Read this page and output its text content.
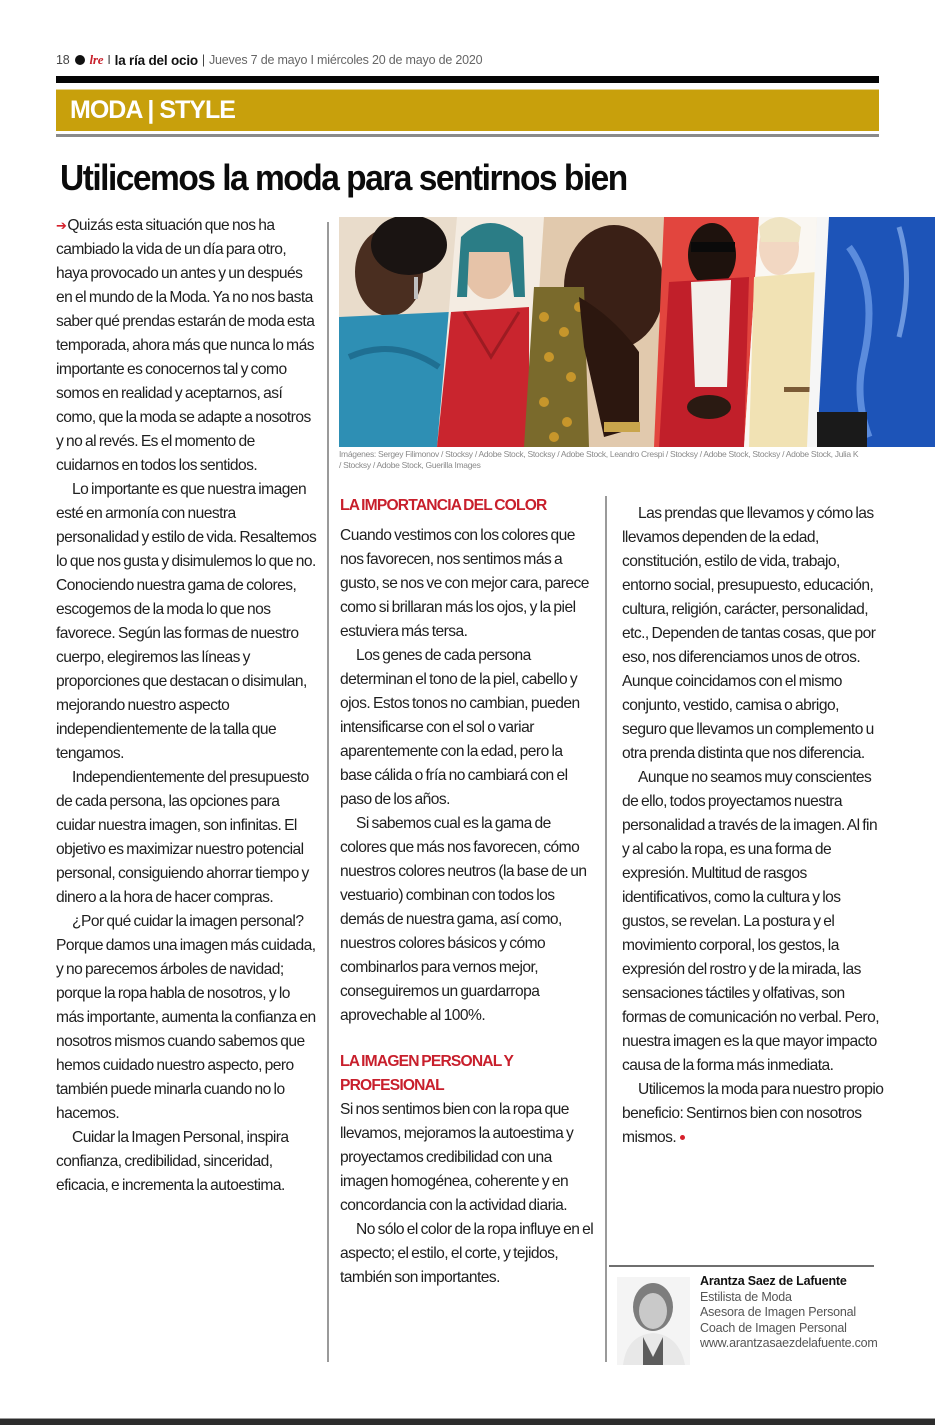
18 lre I la ría del ocio | Jueves 7 de mayo I miércoles 20 de mayo de 2020
MODA | STYLE
Utilicemos la moda para sentirnos bien
Imágenes: Sergey Filimonov / Stocksy / Adobe Stock, Stocksy / Adobe Stock, Leandro Crespi / Stocksy / Adobe Stock, Stocksy / Adobe Stock, Julia K / Stocksy / Adobe Stock, Guerilla Images

➔Quizás esta situación que nos ha cambiado la vida de un día para otro, haya provocado un antes y un después en el mundo de la Moda. Ya no nos basta saber qué prendas estarán de moda esta temporada, ahora más que nunca lo más importante es conocernos tal y como somos en realidad y aceptarnos, así como, que la moda se adapte a nosotros y no al revés. Es el momento de cuidarnos en todos los sentidos.

Lo importante es que nuestra imagen esté en armonía con nuestra personalidad y estilo de vida. Resaltemos lo que nos gusta y disimulemos lo que no. Conociendo nuestra gama de colores, escogemos de la moda lo que nos favorece. Según las formas de nuestro cuerpo, elegiremos las líneas y proporciones que destacan o disimulan, mejorando nuestro aspecto independientemente de la talla que tengamos.

Independientemente del presupuesto de cada persona, las opciones para cuidar nuestra imagen, son infinitas. El objetivo es maximizar nuestro potencial personal, consiguiendo ahorrar tiempo y dinero a la hora de hacer compras.

¿Por qué cuidar la imagen personal? Porque damos una imagen más cuidada, y no parecemos árboles de navidad; porque la ropa habla de nosotros, y lo más importante, aumenta la confianza en nosotros mismos cuando sabemos que hemos cuidado nuestro aspecto, pero también puede minarla cuando no lo hacemos.

Cuidar la Imagen Personal, inspira confianza, credibilidad, sinceridad, eficacia, e incrementa la autoestima.

LA IMPORTANCIA DEL COLOR

Cuando vestimos con los colores que nos favorecen, nos sentimos más a gusto, se nos ve con mejor cara, parece como si brillaran más los ojos, y la piel estuviera más tersa.

Los genes de cada persona determinan el tono de la piel, cabello y ojos. Estos tonos no cambian, pueden intensificarse con el sol o variar aparentemente con la edad, pero la base cálida o fría no cambiará con el paso de los años.

Si sabemos cual es la gama de colores que más nos favorecen, cómo nuestros colores neutros (la base de un vestuario) combinan con todos los demás de nuestra gama, así como, nuestros colores básicos y cómo combinarlos para vernos mejor, conseguiremos un guardarropa aprovechable al 100%.

LA IMAGEN PERSONAL Y PROFESIONAL

Si nos sentimos bien con la ropa que llevamos, mejoramos la autoestima y proyectamos credibilidad con una imagen homogénea, coherente y en concordancia con la actividad diaria.

No sólo el color de la ropa influye en el aspecto; el estilo, el corte, y tejidos, también son importantes.

Las prendas que llevamos y cómo las llevamos dependen de la edad, constitución, estilo de vida, trabajo, entorno social, presupuesto, educación, cultura, religión, carácter, personalidad, etc., Dependen de tantas cosas, que por eso, nos diferenciamos unos de otros. Aunque coincidamos con el mismo conjunto, vestido, camisa o abrigo, seguro que llevamos un complemento u otra prenda distinta que nos diferencia.

Aunque no seamos muy conscientes de ello, todos proyectamos nuestra personalidad a través de la imagen. Al fin y al cabo la ropa, es una forma de expresión. Multitud de rasgos identificativos, como la cultura y los gustos, se revelan. La postura y el movimiento corporal, los gestos, la expresión del rostro y de la mirada, las sensaciones táctiles y olfativas, son formas de comunicación no verbal. Pero, nuestra imagen es la que mayor impacto causa de la forma más inmediata.

Utilicemos la moda para nuestro propio beneficio: Sentirnos bien con nosotros mismos.

Arantza Saez de Lafuente
Estilista de Moda
Asesora de Imagen Personal
Coach de Imagen Personal
www.arantzasaezdelafuente.com
